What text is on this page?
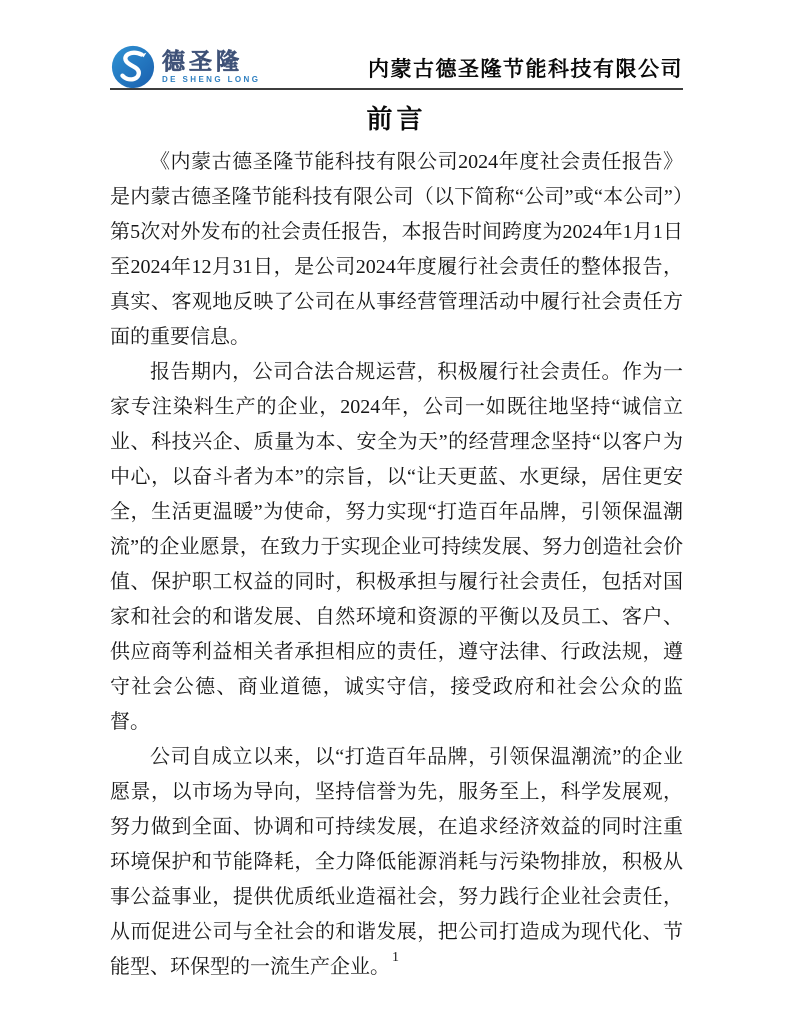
德圣隆
DE SHENG LONG	内蒙古德圣隆节能科技有限公司
前言

《内蒙古德圣隆节能科技有限公司2024年度社会责任报告》是内蒙古德圣隆节能科技有限公司（以下简称“公司”或“本公司”）第5次对外发布的社会责任报告，本报告时间跨度为2024年1月1日至2024年12月31日，是公司2024年度履行社会责任的整体报告，真实、客观地反映了公司在从事经营管理活动中履行社会责任方面的重要信息。

报告期内，公司合法合规运营，积极履行社会责任。作为一家专注染料生产的企业，2024年，公司一如既往地坚持“诚信立业、科技兴企、质量为本、安全为天”的经营理念坚持“以客户为中心，以奋斗者为本”的宗旨，以“让天更蓝、水更绿，居住更安全，生活更温暖”为使命，努力实现“打造百年品牌，引领保温潮流”的企业愿景，在致力于实现企业可持续发展、努力创造社会价值、保护职工权益的同时，积极承担与履行社会责任，包括对国家和社会的和谐发展、自然环境和资源的平衡以及员工、客户、供应商等利益相关者承担相应的责任，遵守法律、行政法规，遵守社会公德、商业道德，诚实守信，接受政府和社会公众的监督。

公司自成立以来，以“打造百年品牌，引领保温潮流”的企业愿景，以市场为导向，坚持信誉为先，服务至上，科学发展观，努力做到全面、协调和可持续发展，在追求经济效益的同时注重环境保护和节能降耗，全力降低能源消耗与污染物排放，积极从事公益事业，提供优质纸业造福社会，努力践行企业社会责任，从而促进公司与全社会的和谐发展，把公司打造成为现代化、节能型、环保型的一流生产企业。 1
